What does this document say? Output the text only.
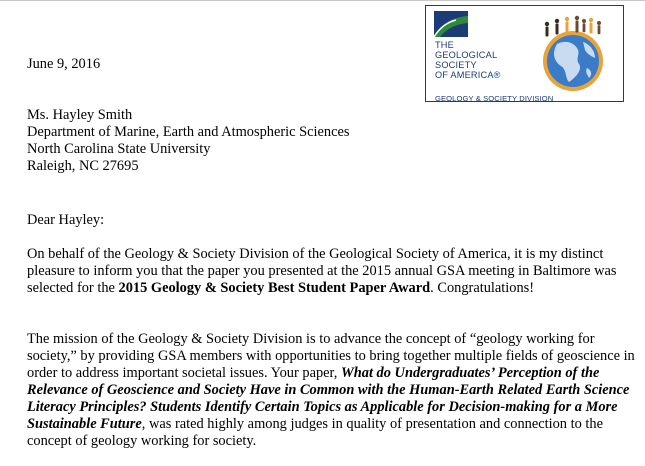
THE
GEOLOGICAL
SOCIETY
OF AMERICA®
GEOLOGY & SOCIETY DIVISION
June 9, 2016
Ms. Hayley Smith
Department of Marine, Earth and Atmospheric Sciences
North Carolina State University
Raleigh, NC 27695
Dear Hayley:

On behalf of the Geology & Society Division of the Geological Society of America, it is my distinct pleasure to inform you that the paper you presented at the 2015 annual GSA meeting in Baltimore was selected for the 2015 Geology & Society Best Student Paper Award. Congratulations!

The mission of the Geology & Society Division is to advance the concept of “geology working for society,” by providing GSA members with opportunities to bring together multiple fields of geoscience in order to address important societal issues. Your paper, What do Undergraduates’ Perception of the Relevance of Geoscience and Society Have in Common with the Human-Earth Related Earth Science Literacy Principles? Students Identify Certain Topics as Applicable for Decision-making for a More Sustainable Future, was rated highly among judges in quality of presentation and connection to the concept of geology working for society.
